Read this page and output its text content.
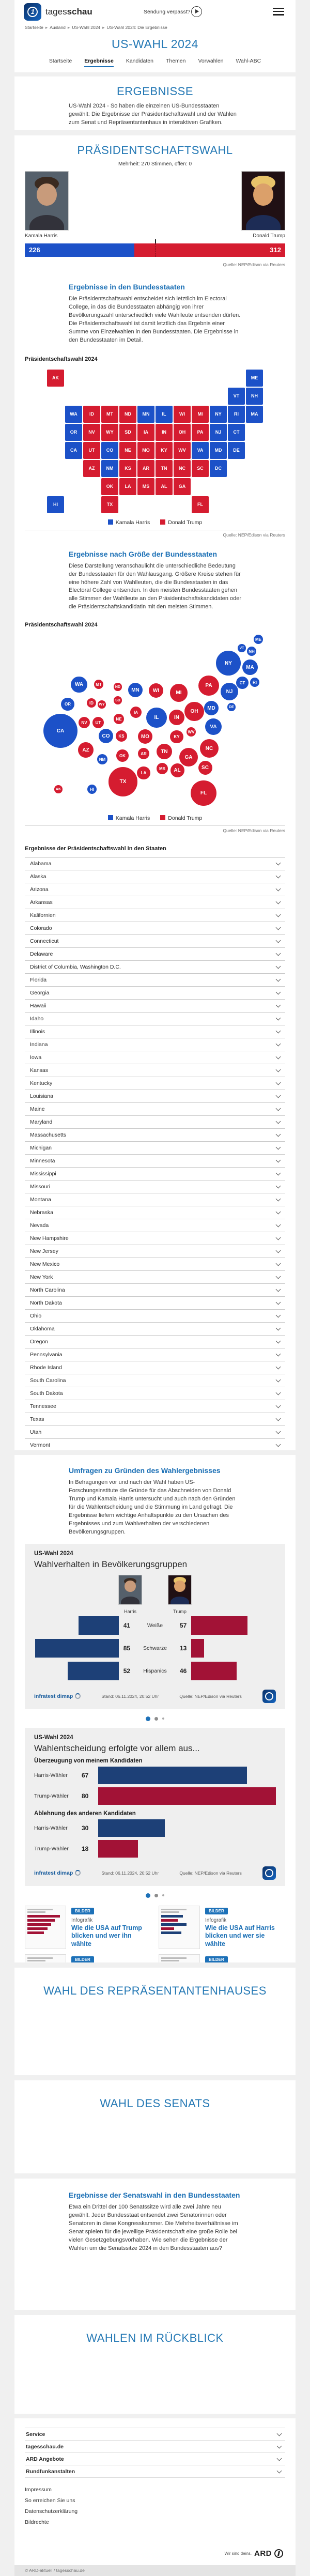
1 tagesschau	Sendung verpasst?
Startseite ▸ Ausland ▸ US-Wahl 2024 ▸ US-Wahl 2024: Die Ergebnisse
US-WAHL 2024
Startseite Ergebnisse Kandidaten Themen Vorwahlen Wahl-ABC
ERGEBNISSE

US-Wahl 2024 - So haben die einzelnen US-Bundesstaaten gewählt: Die Ergebnisse der Präsidentschaftswahl und der Wahlen zum Senat und Repräsentantenhaus in interaktiven Grafiken.

PRÄSIDENTSCHAFTSWAHL
Mehrheit: 270 Stimmen, offen: 0
Kamala Harris	Donald Trump
226	312
Quelle: NEP/Edison via Reuters
Ergebnisse in den Bundesstaaten

Die Präsidentschaftswahl entscheidet sich letztlich im Electoral College, in das die Bundesstaaten abhängig von ihrer Bevölkerungszahl unterschiedlich viele Wahlleute entsenden dürfen. Die Präsidentschaftswahl ist damit letztlich das Ergebnis einer Summe von Einzelwahlen in den Bundesstaaten. Die Ergebnisse in den Bundesstaaten im Detail.

Präsidentschaftswahl 2024
AK	ME
VT	NH
WA	ID	MT	ND	MN	IL	WI	MI	NY	RI	MA
OR	NV	WY	SD	IA	IN	OH	PA	NJ	CT
CA	UT	CO	NE	MO	KY	WV	VA	MD	DE
AZ	NM	KS	AR	TN	NC	SC	DC
OK	LA	MS	AL	GA
HI	TX	FL
Kamala Harris	Donald Trump
Quelle: NEP/Edison via Reuters
Ergebnisse nach Größe der Bundesstaaten

Diese Darstellung veranschaulicht die unterschiedliche Bedeutung der Bundesstaaten für den Wahlausgang. Größere Kreise stehen für eine höhere Zahl von Wahlleuten, die die Bundesstaaten in das Electoral College entsenden. In den meisten Bundesstaaten gehen alle Stimmen der Wahlleute an den Präsidentschaftskandidaten oder die Präsidentschaftskandidatin mit den meisten Stimmen.

Präsidentschaftswahl 2024
AK
ME
VT
NH
WA
ID
MT
ND
MN
IL
WI	MI
NY
RI
MA
OR
NV
WY
SD
IA
IN
OH
PA
NJ
CT
CA
UT
CO
NE
MO	KY
WV
VA
MD	DE
AZ
NM
KS
AR	TN
NC
SC
OK
LA
MS	AL
GA
HI
TX
FL
Kamala Harris	Donald Trump
Quelle: NEP/Edison via Reuters
Ergebnisse der Präsidentschaftswahl in den Staaten
Alabama
Alaska
Arizona
Arkansas
Kalifornien
Colorado
Connecticut
Delaware
District of Columbia, Washington D.C.
Florida
Georgia
Hawaii
Idaho
Illinois
Indiana
Iowa
Kansas
Kentucky
Louisiana
Maine
Maryland
Massachusetts
Michigan
Minnesota
Mississippi
Missouri
Montana
Nebraska
Nevada
New Hampshire
New Jersey
New Mexico
New York
North Carolina
North Dakota
Ohio
Oklahoma
Oregon
Pennsylvania
Rhode Island
South Carolina
South Dakota
Tennessee
Texas
Utah
Vermont
Umfragen zu Gründen des Wahlergebnisses

In Befragungen vor und nach der Wahl haben US-Forschungsinstitute die Gründe für das Abschneiden von Donald Trump und Kamala Harris untersucht und auch nach den Gründen für die Wahlentscheidung und die Stimmung im Land gefragt. Die Ergebnisse liefern wichtige Anhaltspunkte zu den Ursachen des Ergebnisses und zum Wahlverhalten der verschiedenen Bevölkerungsgruppen.

US-Wahl 2024
Wahlverhalten in Bevölkerungsgruppen
Harris	Trump
41	Weiße	57
85	Schwarze	13
52	Hispanics	46
infratest dimap	Stand: 06.11.2024, 20:52 Uhr	Quelle: NEP/Edison via Reuters
US-Wahl 2024
Wahlentscheidung erfolgte vor allem aus...
Überzeugung von meinem Kandidaten
Harris-Wähler	67
Trump-Wähler	80
Ablehnung des anderen Kandidaten
Harris-Wähler	30
Trump-Wähler	18
infratest dimap	Stand: 06.11.2024, 20:52 Uhr	Quelle: NEP/Edison via Reuters
BILDER
Infografik
Wie die USA auf Trump blicken und wer ihn wählte
BILDER
Infografik
Wie die USA auf Harris blicken und wer sie wählte
BILDER	BILDER
WAHL DES REPRÄSENTANTENHAUSES
WAHL DES SENATS
Ergebnisse der Senatswahl in den Bundesstaaten

Etwa ein Drittel der 100 Senatssitze wird alle zwei Jahre neu gewählt. Jeder Bundesstaat entsendet zwei Senatorinnen oder Senatoren in diese Kongresskammer. Die Mehrheitsverhältnisse im Senat spielen für die jeweilige Präsidentschaft eine große Rolle bei vielen Gesetzgebungsvorhaben. Wie sehen die Ergebnisse der Wahlen um die Senatssitze 2024 in den Bundesstaaten aus?

WAHLEN IM RÜCKBLICK
Service
tagesschau.de
ARD Angebote
Rundfunkanstalten
Impressum
So erreichen Sie uns
Datenschutzerklärung
Bildrechte
Wir sind deins. ARD
© ARD-aktuell / tagesschau.de
